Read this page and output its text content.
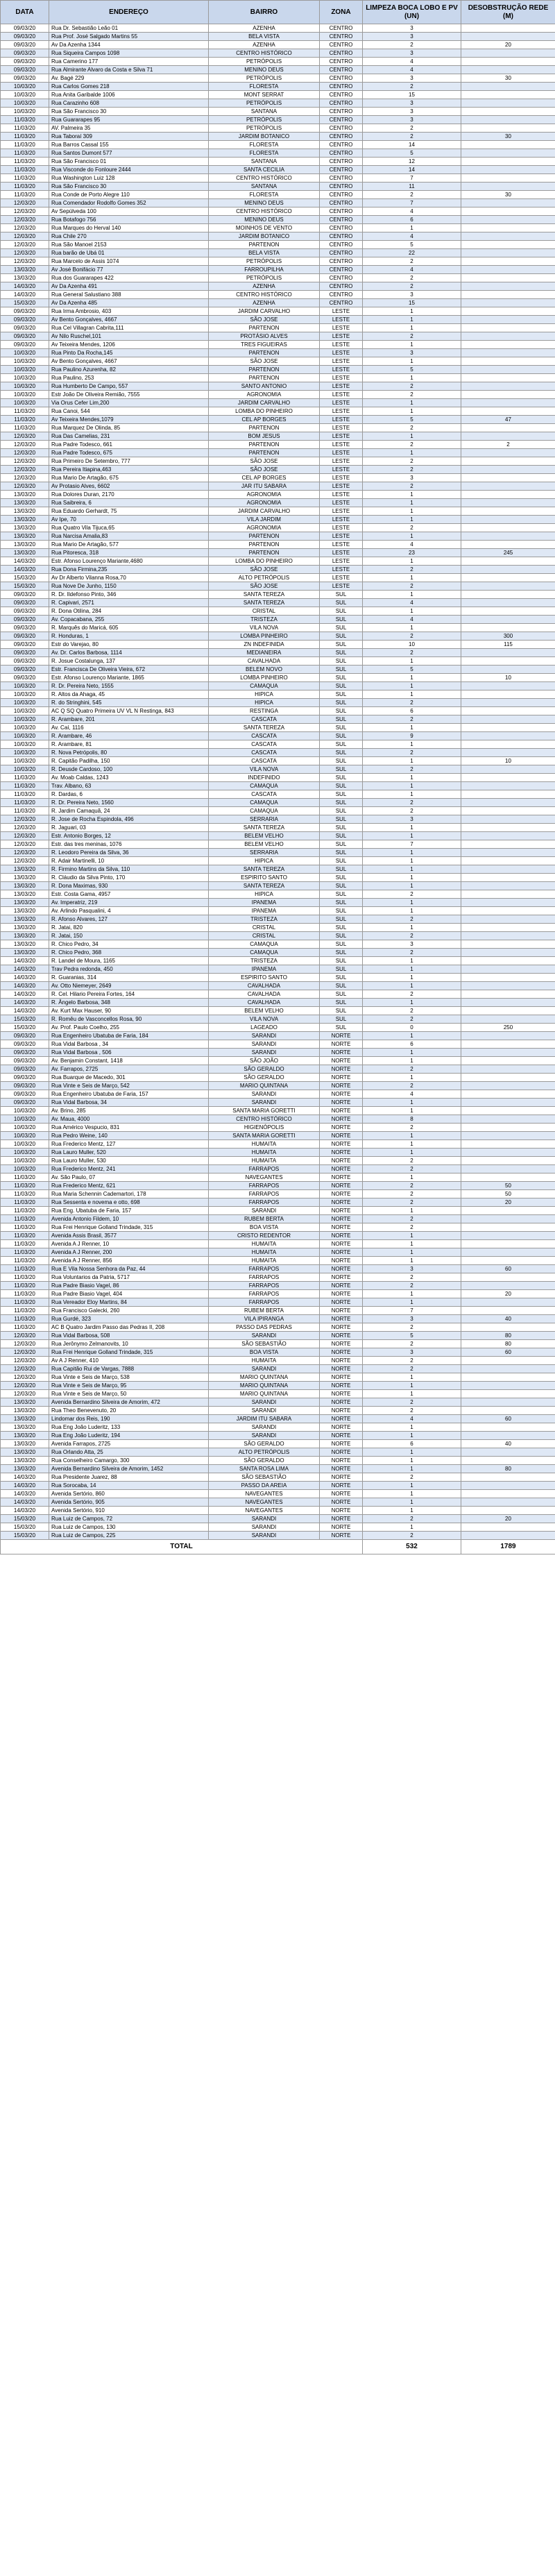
DATA	ENDEREÇO	BAIRRO	ZONA	LIMPEZA BOCA LOBO E PV (UN)	DESOBSTRUÇÃO REDE (M)
09/03/20	Rua Dr. Sebastião Leão 01	AZENHA	CENTRO	3	
09/03/20	Rua Prof. José Salgado Martins 55	BELA VISTA	CENTRO	3	
09/03/20	Av Da Azenha 1344	AZENHA	CENTRO	2	20
09/03/20	Rua Siqueira Campos 1098	CENTRO HISTÓRICO	CENTRO	3	
09/03/20	Rua Camerino 177	PETRÓPOLIS	CENTRO	4	
09/03/20	Rua Almirante Alvaro da Costa e Silva 71	MENINO DEUS	CENTRO	4	
09/03/20	Av. Bagé 229	PETRÓPOLIS	CENTRO	3	30
10/03/20	Rua Carlos Gomes 218	FLORESTA	CENTRO	2	
10/03/20	Rua Anita Garibalde 1006	MONT SERRAT	CENTRO	15	
10/03/20	Rua Carazinho 608	PETRÓPOLIS	CENTRO	3	
10/03/20	Rua São Francisco 30	SANTANA	CENTRO	3	
11/03/20	Rua Guararapes 95	PETRÓPOLIS	CENTRO	3	
11/03/20	AV. Palmeira 35	PETRÓPOLIS	CENTRO	2	
11/03/20	Rua Taboraí 309	JARDIM BOTANICO	CENTRO	2	30
11/03/20	Rua Barros Cassal 155	FLORESTA	CENTRO	14	
11/03/20	Rua Santos Dumont 577	FLORESTA	CENTRO	5	
11/03/20	Rua São Francisco 01	SANTANA	CENTRO	12	
11/03/20	Rua Visconde do Fonloure 2444	SANTA CECILIA	CENTRO	14	
11/03/20	Rua Washington Luiz 128	CENTRO HISTÓRICO	CENTRO	7	
11/03/20	Rua São Francisco 30	SANTANA	CENTRO	11	
11/03/20	Rua Conde de Porto Alegre 110	FLORESTA	CENTRO	2	30
12/03/20	Rua Comendador Rodolfo Gomes 352	MENINO DEUS	CENTRO	7	
12/03/20	Av Sepúlveda 100	CENTRO HISTÓRICO	CENTRO	4	
12/03/20	Rua Botafogo 756	MENINO DEUS	CENTRO	6	
12/03/20	Rua Marques do Herval 140	MOINHOS DE VENTO	CENTRO	1	
12/03/20	Rua Chile 270	JARDIM BOTANICO	CENTRO	4	
12/03/20	Rua São Manoel 2153	PARTENON	CENTRO	5	
12/03/20	Rua barão de Ubá 01	BELA VISTA	CENTRO	22	
12/03/20	Rua Marcelo de Assis 1074	PETRÓPOLIS	CENTRO	2	
13/03/20	Av José Bonifácio 77	FARROUPILHA	CENTRO	4	
13/03/20	Rua dos Guararapes 422	PETRÓPOLIS	CENTRO	2	
14/03/20	Av Da Azenha 491	AZENHA	CENTRO	2	
14/03/20	Rua General Salustiano 388	CENTRO HISTÓRICO	CENTRO	3	
15/03/20	Av Da Azenha 485	AZENHA	CENTRO	15	
09/03/20	Rua Irma Ambrosio, 403	JARDIM CARVALHO	LESTE	1	
09/03/20	Av Bento Gonçalves, 4667	SÃO JOSE	LESTE	1	
09/03/20	Rua Cel Villagran Cabrita,111	PARTENON	LESTE	1	
09/03/20	Av Nilo Ruschel,101	PROTÁSIO ALVES	LESTE	2	
09/03/20	Av Teixeira Mendes, 1206	TRES FIGUEIRAS	LESTE	1	
10/03/20	Rua Pinto Da Rocha,145	PARTENON	LESTE	3	
10/03/20	Av Bento Gonçalves, 4667	SÃO JOSE	LESTE	1	
10/03/20	Rua Paulino Azurenha, 82	PARTENON	LESTE	5	
10/03/20	Rua Paulino, 253	PARTENON	LESTE	1	
10/03/20	Rua Humberto De Campo, 557	SANTO ANTONIO	LESTE	2	
10/03/20	Estr João De Oliveira Remião, 7555	AGRONOMIA	LESTE	2	
10/03/20	Via Orus Cefer Lim,200	JARDIM CARVALHO	LESTE	1	
11/03/20	Rua Canoi, 544	LOMBA DO PINHEIRO	LESTE	1	
11/03/20	Av Teixeira Mendes,1079	CEL AP BORGES	LESTE	5	47
11/03/20	Rua Marquez De Olinda, 85	PARTENON	LESTE	2	
12/03/20	Rua Das Camelias, 231	BOM JESUS	LESTE	1	
12/03/20	Rua Padre Todesco, 661	PARTENON	LESTE	2	2
12/03/20	Rua Padre Todesco, 675	PARTENON	LESTE	1	
12/03/20	Rua Primeiro De Setembro, 777	SÃO JOSE	LESTE	2	
12/03/20	Rua Pereira Itiapina,463	SÃO JOSE	LESTE	2	
12/03/20	Rua Mario De Artagão, 675	CEL AP BORGES	LESTE	3	
12/03/20	Av Protasio Alves, 6602	JAR ITU SABARA	LESTE	2	
13/03/20	Rua Dolores Duran, 2170	AGRONOMIA	LESTE	1	
13/03/20	Rua Saibreira, 6	AGRONOMIA	LESTE	1	
13/03/20	Rua Eduardo Gerhardt, 75	JARDIM CARVALHO	LESTE	1	
13/03/20	Av Ipe, 70	VILA JARDIM	LESTE	1	
13/03/20	Rua Quatro Vila Tijuca,65	AGRONOMIA	LESTE	2	
13/03/20	Rua Narcisa Amalia,83	PARTENON	LESTE	1	
13/03/20	Rua Mario De Artagão, 577	PARTENON	LESTE	4	
13/03/20	Rua Pitoresca, 318	PARTENON	LESTE	23	245
14/03/20	Estr. Afonso Lourenço Mariante,4680	LOMBA DO PINHEIRO	LESTE	1	
14/03/20	Rua Dona Firmina,235	SÃO JOSE	LESTE	2	
15/03/20	Av Dr Alberto Vilanna Rosa,70	ALTO PETRÓPOLIS	LESTE	1	
15/03/20	Rua Nove De Junho, 1150	SÃO JOSE	LESTE	2	
09/03/20	R. Dr. Ildefonso Pinto, 346	SANTA TEREZA	SUL	1	
09/03/20	R. Capivari, 2571	SANTA TEREZA	SUL	4	
09/03/20	R. Dona Otilina, 284	CRISTAL	SUL	1	
09/03/20	Av. Copacabana, 255	TRISTEZA	SUL	4	
09/03/20	R. Marquês do Maricá, 605	VILA NOVA	SUL	1	
09/03/20	R. Honduras, 1	LOMBA PINHEIRO	SUL	2	300
09/03/20	Estr do Varejao, 80	ZN INDEFINIDA	SUL	10	115
09/03/20	Av. Dr. Carlos Barbosa, 1114	MEDIANEIRA	SUL	2	
09/03/20	R. Josue Costalunga, 137	CAVALHADA	SUL	1	
09/03/20	Estr. Francisca De Oliveira Vieira, 672	BELEM NOVO	SUL	5	
09/03/20	Estr. Afonso Lourenço Mariante, 1865	LOMBA PINHEIRO	SUL	1	10
10/03/20	R. Dr. Pereira Neto, 1555	CAMAQUA	SUL	1	
10/03/20	R. Altos da Ahaga, 45	HIPICA	SUL	1	
10/03/20	R. do Stringhini, 545	HIPICA	SUL	2	
10/03/20	AC Q SQ Quatro Primeira UV VL N Restinga, 843	RESTINGA	SUL	6	
10/03/20	R. Arambare, 201	CASCATA	SUL	2	
10/03/20	Av. Caí, 1116	SANTA TEREZA	SUL	1	
10/03/20	R. Arambare, 46	CASCATA	SUL	9	
10/03/20	R. Arambare, 81	CASCATA	SUL	1	
10/03/20	R. Nova Petrópolis, 80	CASCATA	SUL	2	
10/03/20	R. Capitão Padilha, 150	CASCATA	SUL	1	10
10/03/20	R. Deusde Cardoso, 100	VILA NOVA	SUL	2	
11/03/20	Av. Moab Caldas, 1243	INDEFINIDO	SUL	1	
11/03/20	Trav. Albano, 63	CAMAQUA	SUL	1	
11/03/20	R. Dardas, 6	CASCATA	SUL	1	
11/03/20	R. Dr. Pereira Neto, 1560	CAMAQUA	SUL	2	
11/03/20	R. Jardim Camaquã, 24	CAMAQUA	SUL	2	
12/03/20	R. Jose de Rocha Espindola, 496	SERRARIA	SUL	3	
12/03/20	R. Jaguari, 03	SANTA TEREZA	SUL	1	
12/03/20	Estr. Antonio Borges, 12	BELEM VELHO	SUL	1	
12/03/20	Estr. das tres meninas, 1076	BELEM VELHO	SUL	7	
12/03/20	R. Leodoro Pereira da Silva, 36	SERRARIA	SUL	1	
12/03/20	R. Adair Martinelli, 10	HIPICA	SUL	1	
13/03/20	R. Firmino Martins da Silva, 110	SANTA TEREZA	SUL	1	
13/03/20	R. Cláudio da Silva Pinto, 170	ESPIRITO SANTO	SUL	1	
13/03/20	R. Dona Maximas, 930	SANTA TEREZA	SUL	1	
13/03/20	Estr. Costa Gama, 4957	HIPICA	SUL	2	
13/03/20	Av. Imperatriz, 219	IPANEMA	SUL	1	
13/03/20	Av. Arlindo Pasqualini, 4	IPANEMA	SUL	1	
13/03/20	R. Afonso Alvares, 127	TRISTEZA	SUL	2	
13/03/20	R. Jatai, 820	CRISTAL	SUL	1	
13/03/20	R. Jatai, 150	CRISTAL	SUL	2	
13/03/20	R. Chico Pedro, 34	CAMAQUA	SUL	3	
13/03/20	R. Chico Pedro, 368	CAMAQUA	SUL	2	
14/03/20	R. Landel de Moura, 1165	TRISTEZA	SUL	1	
14/03/20	Trav Pedra redonda, 450	IPANEMA	SUL	1	
14/03/20	R. Guaranias, 314	ESPIRITO SANTO	SUL	1	
14/03/20	Av. Otto Niemeyer, 2649	CAVALHADA	SUL	1	
14/03/20	R. Cel. Hilario Pereira Fortes, 164	CAVALHADA	SUL	2	
14/03/20	R. Ângelo Barbosa, 348	CAVALHADA	SUL	1	
14/03/20	Av. Kurt Max Hauser, 90	BELEM VELHO	SUL	2	
15/03/20	R. Romêu de Vasconcellos Rosa, 90	VILA NOVA	SUL	2	
15/03/20	Av. Prof. Paulo Coelho, 255	LAGEADO	SUL	0	250
09/03/20	Rua Engenheiro Ubatuba de Faria, 184	SARANDI	NORTE	1	
09/03/20	Rua Vidal Barbosa , 34	SARANDI	NORTE	6	
09/03/20	Rua Vidal Barbosa , 506	SARANDI	NORTE	1	
09/03/20	Av. Benjamin Constant, 1418	SÃO JOÃO	NORTE	1	
09/03/20	Av. Farrapos, 2725	SÃO GERALDO	NORTE	2	
09/03/20	Rua Buarque de Macedo, 301	SÃO GERALDO	NORTE	1	
09/03/20	Rua Vinte e Seis de Março, 542	MARIO QUINTANA	NORTE	2	
09/03/20	Rua Engenheiro Ubatuba de Faria, 157	SARANDI	NORTE	4	
09/03/20	Rua Vidal Barbosa, 34	SARANDI	NORTE	1	
10/03/20	Av. Brino, 285	SANTA MARIA GORETTI	NORTE	1	
10/03/20	Av. Maua, 4000	CENTRO HISTÓRICO	NORTE	8	
10/03/20	Rua Américo Vespucio, 831	HIGIENÓPOLIS	NORTE	2	
10/03/20	Rua Pedro Weine, 140	SANTA MARIA GORETTI	NORTE	1	
10/03/20	Rua Frederico Mentz, 127	HUMAITA	NORTE	1	
10/03/20	Rua Lauro Muller, 520	HUMAITA	NORTE	1	
10/03/20	Rua Lauro Muller, 530	HUMAITA	NORTE	2	
10/03/20	Rua Frederico Mentz, 241	FARRAPOS	NORTE	2	
11/03/20	Av. São Paulo, 07	NAVEGANTES	NORTE	1	
11/03/20	Rua Frederico Mentz, 621	FARRAPOS	NORTE	2	50
11/03/20	Rua Maria Schennin Cademartori, 178	FARRAPOS	NORTE	2	50
11/03/20	Rua Sessenta e novema e otto, 698	FARRAPOS	NORTE	2	20
11/03/20	Rua Eng. Ubatuba de Faria, 157	SARANDI	NORTE	1	
11/03/20	Avenida Antonio Fildem, 10	RUBEM BERTA	NORTE	2	
11/03/20	Rua Frei Henrique Golland Trindade, 315	BOA VISTA	NORTE	2	
11/03/20	Avenida Assis Brasil, 3577	CRISTO REDENTOR	NORTE	1	
11/03/20	Avenida A J Renner, 10	HUMAITA	NORTE	1	
11/03/20	Avenida A J Renner, 200	HUMAITA	NORTE	1	
11/03/20	Avenida A J Renner, 856	HUMAITA	NORTE	1	
11/03/20	Rua E Vila Nossa Senhora da Paz, 44	FARRAPOS	NORTE	3	60
11/03/20	Rua Voluntarios da Patria, 5717	FARRAPOS	NORTE	2	
11/03/20	Rua Padre Biasio Vagel, 86	FARRAPOS	NORTE	2	
11/03/20	Rua Padre Biasio Vagel, 404	FARRAPOS	NORTE	1	20
11/03/20	Rua Vereador Eloy Martins, 84	FARRAPOS	NORTE	1	
11/03/20	Rua Francisco Galecki, 260	RUBEM BERTA	NORTE	7	
11/03/20	Rua Gurdé, 323	VILA IPIRANGA	NORTE	3	40
11/03/20	AC B Quatro Jardim Passo das Pedras II, 208	PASSO DAS PEDRAS	NORTE	2	
12/03/20	Rua Vidal Barbosa, 508	SARANDI	NORTE	5	80
12/03/20	Rua Jerônymo Zelmanovits, 10	SÃO SEBASTIÃO	NORTE	2	80
12/03/20	Rua Frei Henrique Golland Trindade, 315	BOA VISTA	NORTE	3	60
12/03/20	Av A J Renner, 410	HUMAITA	NORTE	2	
12/03/20	Rua Capitão Rui de Vargas, 7888	SARANDI	NORTE	2	
12/03/20	Rua Vinte e Seis de Março, 538	MARIO QUINTANA	NORTE	1	
12/03/20	Rua Vinte e Seis de Março, 95	MARIO QUINTANA	NORTE	1	
12/03/20	Rua Vinte e Seis de Março, 50	MARIO QUINTANA	NORTE	1	
13/03/20	Avenida Bernardino Silveira de Amorim, 472	SARANDI	NORTE	2	
13/03/20	Rua Theo Benevenuto, 20	SARANDI	NORTE	2	
13/03/20	Lindomar dos Reis, 190	JARDIM ITU SABARA	NORTE	4	60
13/03/20	Rua Eng João Luderitz, 133	SARANDI	NORTE	1	
13/03/20	Rua Eng João Luderitz, 194	SARANDI	NORTE	1	
13/03/20	Avenida Farrapos, 2725	SÃO GERALDO	NORTE	6	40
13/03/20	Rua Orlando Atta, 25	ALTO PETRÓPOLIS	NORTE	1	
13/03/20	Rua Conselheiro Camargo, 300	SÃO GERALDO	NORTE	1	
13/03/20	Avenida Bernardino Silveira de Amorim, 1452	SANTA ROSA LIMA	NORTE	1	80
14/03/20	Rua Presidente Juarez, 88	SÃO SEBASTIÃO	NORTE	2	
14/03/20	Rua Sorocaba, 14	PASSO DA AREIA	NORTE	1	
14/03/20	Avenida Sertório, 860	NAVEGANTES	NORTE	1	
14/03/20	Avenida Sertório, 905	NAVEGANTES	NORTE	1	
14/03/20	Avenida Sertório, 910	NAVEGANTES	NORTE	1	
15/03/20	Rua Luiz de Campos, 72	SARANDI	NORTE	2	20
15/03/20	Rua Luiz de Campos, 130	SARANDI	NORTE	1	
15/03/20	Rua Luiz de Campos, 225	SARANDI	NORTE	2	
TOTAL				532	1789
